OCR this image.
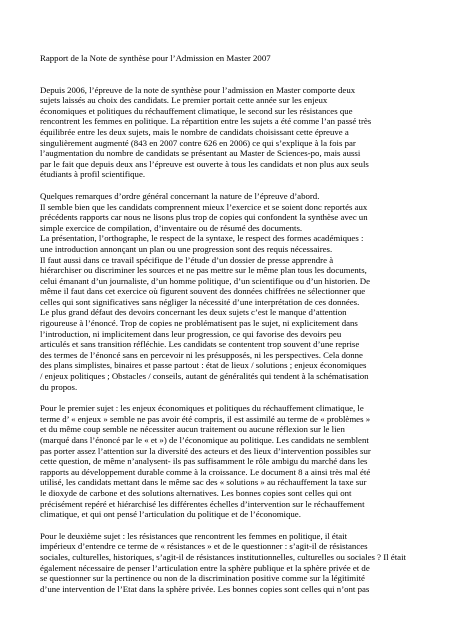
Rapport de la Note de synthèse pour l’Admission en Master 2007
Depuis 2006, l’épreuve de la note de synthèse pour l’admission en Master comporte deux
sujets laissés au choix des candidats. Le premier portait cette année sur les enjeux
économiques et politiques du réchauffement climatique, le second sur les résistances que
rencontrent les femmes en politique. La répartition entre les sujets a été comme l’an passé très
équilibrée entre les deux sujets, mais le nombre de candidats choisissant cette épreuve a
singulièrement augmenté (843 en 2007 contre 626 en 2006) ce qui s’explique à la fois par
l’augmentation du nombre de candidats se présentant au Master de Sciences-po, mais aussi
par le fait que depuis deux ans l’épreuve est ouverte à tous les candidats et non plus aux seuls
étudiants à profil scientifique.
Quelques remarques d’ordre général concernant la nature de l’épreuve d’abord.
Il semble bien que les candidats comprennent mieux l’exercice et se soient donc reportés aux
précédents rapports car nous ne lisons plus trop de copies qui confondent la synthèse avec un
simple exercice de compilation, d’inventaire ou de résumé des documents.
La présentation, l’orthographe, le respect de la syntaxe, le respect des formes académiques :
une introduction annonçant un plan ou une progression sont des requis nécessaires.
Il faut aussi dans ce travail spécifique de l’étude d’un dossier de presse apprendre à
hiérarchiser ou discriminer les sources et ne pas mettre sur le même plan tous les documents,
celui émanant d’un journaliste, d’un homme politique, d’un scientifique ou d’un historien. De
même il faut dans cet exercice où figurent souvent des données chiffrées ne sélectionner que
celles qui sont significatives sans négliger la nécessité d’une interprétation de ces données.
Le plus grand défaut des devoirs concernant les deux sujets c’est le manque d’attention
rigoureuse à l’énoncé. Trop de copies ne problématisent pas le sujet, ni explicitement dans
l’introduction, ni implicitement dans leur progression, ce qui favorise des devoirs peu
articulés et sans transition réfléchie. Les candidats se contentent trop souvent d’une reprise
des termes de l’énoncé sans en percevoir ni les présupposés, ni les perspectives. Cela donne
des plans simplistes, binaires et passe partout : état de lieux / solutions ; enjeux économiques
/ enjeux politiques ; Obstacles / conseils, autant de généralités qui tendent à la schématisation
du propos.
Pour le premier sujet : les enjeux économiques et politiques du réchauffement climatique, le
terme d’ « enjeux » semble ne pas avoir été compris, il est assimilé au terme de « problèmes »
et du même coup semble ne nécessiter aucun traitement ou aucune réflexion sur le lien
(marqué dans l’énoncé par le « et ») de l’économique au politique. Les candidats ne semblent
pas porter assez l’attention sur la diversité des acteurs et des lieux d’intervention possibles sur
cette question, de même n’analysent- ils pas suffisamment le rôle ambigu du marché dans les
rapports au développement durable comme à la croissance. Le document 8 a ainsi très mal été
utilisé, les candidats mettant dans le même sac des « solutions » au réchauffement la taxe sur
le dioxyde de carbone et des solutions alternatives. Les bonnes copies sont celles qui ont
précisément repéré et hiérarchisé les différentes échelles d’intervention sur le réchauffement
climatique, et qui ont pensé l’articulation du politique et de l’économique.
Pour le deuxième sujet : les résistances que rencontrent les femmes en politique, il était
impérieux d’entendre ce terme de « résistances » et de le questionner : s’agit-il de résistances
sociales, culturelles, historiques, s’agit-il de résistances institutionnelles, culturelles ou sociales ? Il était
également nécessaire de penser l’articulation entre la sphère publique et la sphère privée et de
se questionner sur la pertinence ou non de la discrimination positive comme sur la légitimité
d’une intervention de l’Etat dans la sphère privée. Les bonnes copies sont celles qui n’ont pas
